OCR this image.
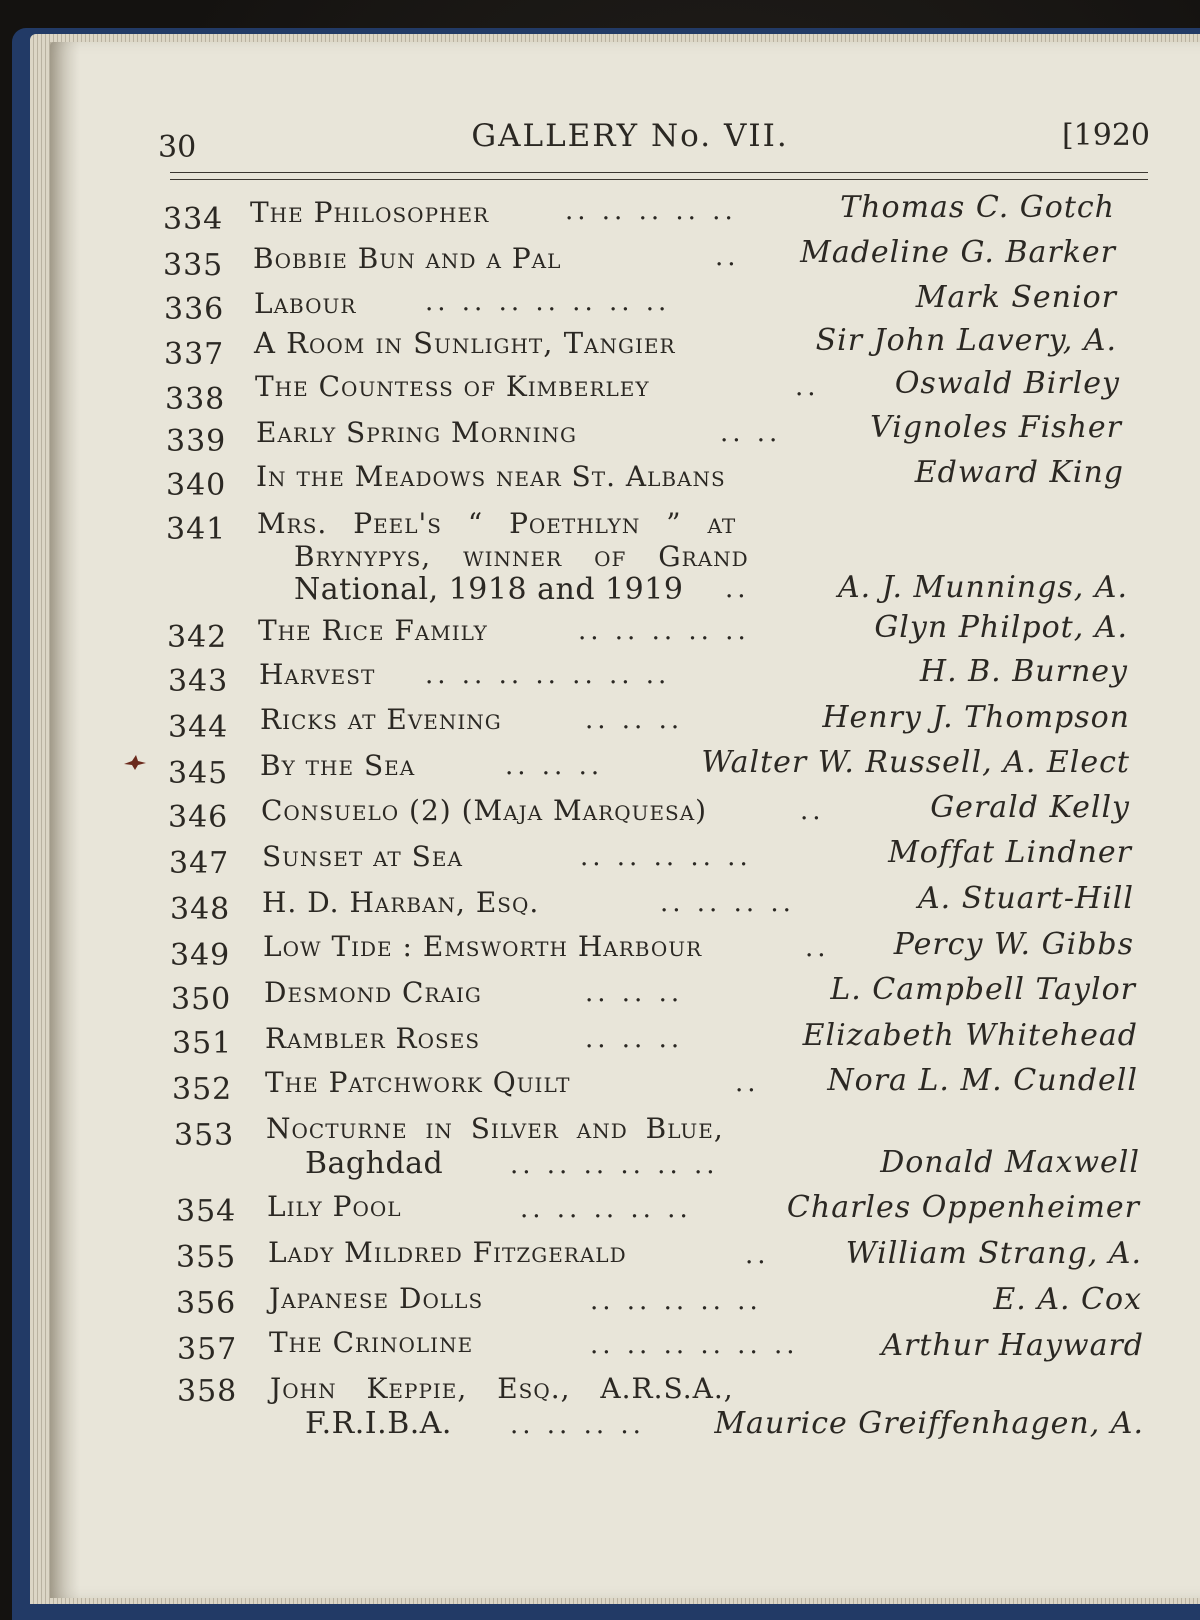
30	GALLERY No. VII.	[1920
334 The Philosopher	.. .. .. .. ..	Thomas C. Gotch
335 Bobbie Bun and a Pal	.. Madeline G. Barker
336 Labour	.. .. .. .. .. .. ..	Mark Senior
337 A Room in Sunlight, Tangier	Sir John Lavery, A.
338 The Countess of Kimberley	..	Oswald Birley
339 Early Spring Morning	.. ..	Vignoles Fisher
340 In the Meadows near St. Albans	Edward King
341 Mrs. Peel's “ Poethlyn ” at
Brynypys, winner of Grand
National, 1918 and 1919 ..	A. J. Munnings, A.
342 The Rice Family	.. .. .. .. ..	Glyn Philpot, A.
343 Harvest .. .. .. .. .. .. ..	H. B. Burney
344 Ricks at Evening	.. .. ..	Henry J. Thompson
345 By the Sea	.. .. ..	Walter W. Russell, A. Elect
346 Consuelo (2) (Maja Marquesa)	..	Gerald Kelly
347 Sunset at Sea	.. .. .. .. ..	Moffat Lindner
348 H. D. Harban, Esq.	.. .. .. ..	A. Stuart-Hill
349 Low Tide : Emsworth Harbour	.. Percy W. Gibbs
350 Desmond Craig	.. .. ..	L. Campbell Taylor
351 Rambler Roses	.. .. ..	Elizabeth Whitehead
352 The Patchwork Quilt	.. Nora L. M. Cundell
353 Nocturne in Silver and Blue,
Baghdad	.. .. .. .. .. ..	Donald Maxwell
354 Lily Pool	.. .. .. .. ..	Charles Oppenheimer
355 Lady Mildred Fitzgerald	..	William Strang, A.
356 Japanese Dolls	.. .. .. .. ..	E. A. Cox
357 The Crinoline	.. .. .. .. .. ..	Arthur Hayward
358 John Keppie, Esq., A.R.S.A.,
F.R.I.B.A. .. .. .. .. Maurice Greiffenhagen, A.
